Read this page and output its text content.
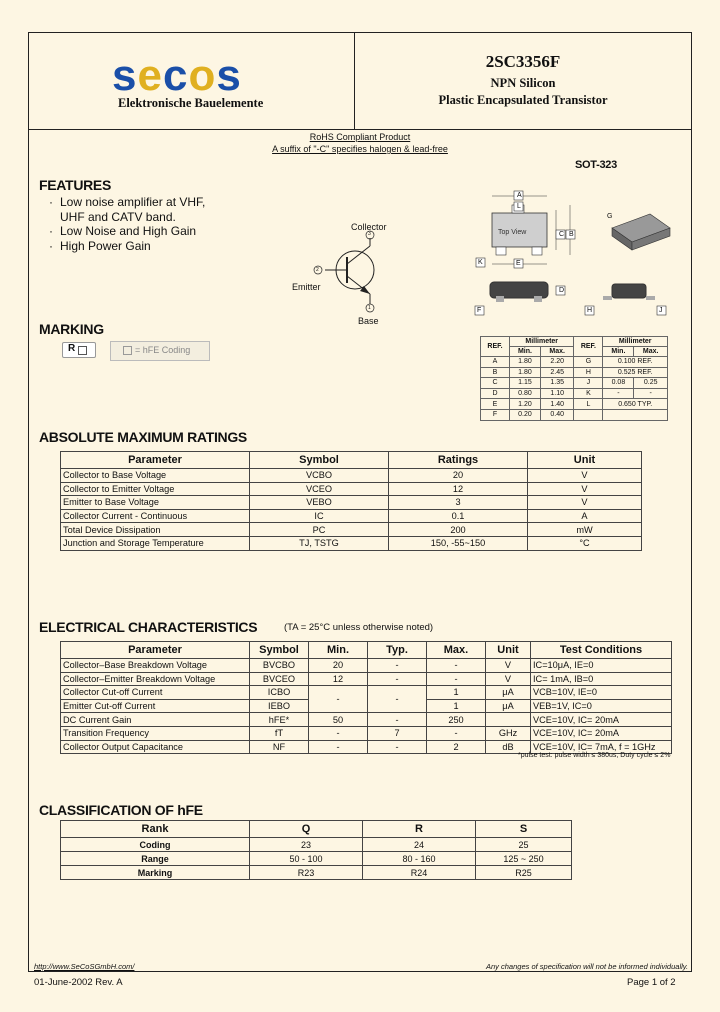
secos
Elektronische Bauelemente
2SC3356F
NPN Silicon
Plastic Encapsulated Transistor
RoHS Compliant Product
A suffix of "-C" specifies halogen & lead-free
SOT-323
FEATURES
· Low noise amplifier at VHF,
UHF and CATV band.
· Low Noise and High Gain
· High Power Gain
3
2
1
Collector
Emitter
Base
A
L
Top View	C B
K	E
D
F	H	J
G
REF.	Millimeter		REF.	Millimeter	
	Min.	Max.		Min.	Max.
A	1.80	2.20	G	0.100 REF.	
B	1.80	2.45	H	0.525 REF.	
C	1.15	1.35	J	0.08	0.25
D	0.80	1.10	K	-	-
E	1.20	1.40	L	0.650 TYP.	
F	0.20	0.40			
MARKING
R	= hFE Coding
ABSOLUTE MAXIMUM RATINGS
Parameter	Symbol	Ratings	Unit
Collector to Base Voltage	VCBO	20	V
Collector to Emitter Voltage	VCEO	12	V
Emitter to Base Voltage	VEBO	3	V
Collector Current - Continuous	IC	0.1	A
Total Device Dissipation	PC	200	mW
Junction and Storage Temperature	TJ, TSTG	150, -55~150	°C
ELECTRICAL CHARACTERISTICS	(TA = 25°C unless otherwise noted)
Parameter	Symbol	Min.	Typ.	Max.	Unit	Test Conditions
Collector–Base Breakdown Voltage	BVCBO	20	-	-	V	IC=10μA, IE=0
Collector–Emitter Breakdown Voltage	BVCEO	12	-	-	V	IC= 1mA, IB=0
Collector Cut-off Current	ICBO	-	-	1	μA	VCB=10V, IE=0
Emitter Cut-off Current	IEBO			1	μA	VEB=1V, IC=0
DC Current Gain	hFE*	50	-	250		VCE=10V, IC= 20mA
Transition Frequency	fT	-	7	-	GHz	VCE=10V, IC= 20mA
Collector Output Capacitance	NF	-	-	2	dB	VCE=10V, IC= 7mA, f = 1GHz
*pulse test: pulse width ≤ 380us, Duty cycle ≤ 2%
CLASSIFICATION OF hFE
Rank	Q	R	S
Coding	23	24	25
Range	50 - 100	80 - 160	125 ~ 250
Marking	R23	R24	R25
http://www.SeCoSGmbH.com/	Any changes of specification will not be informed individually.
01-June-2002 Rev. A	Page 1 of 2
